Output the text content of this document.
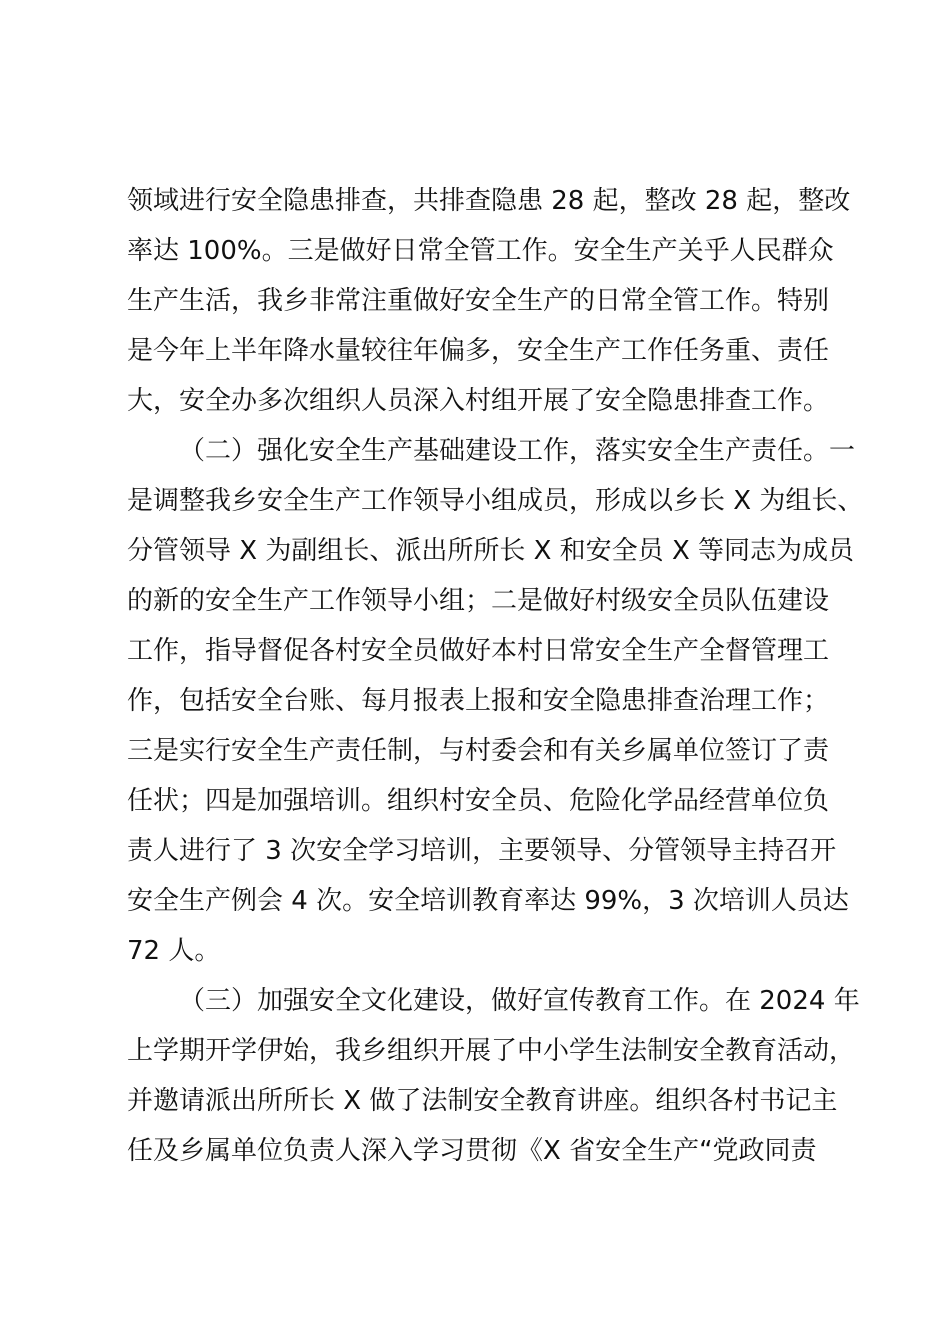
领域进行安全隐患排查，共排查隐患 28 起，整改 28 起，整改
率达 100%。三是做好日常全管工作。安全生产关乎人民群众
生产生活，我乡非常注重做好安全生产的日常全管工作。特别
是今年上半年降水量较往年偏多，安全生产工作任务重、责任
大，安全办多次组织人员深入村组开展了安全隐患排查工作。
（二）强化安全生产基础建设工作，落实安全生产责任。一
是调整我乡安全生产工作领导小组成员，形成以乡长 X 为组长、
分管领导 X 为副组长、派出所所长 X 和安全员 X 等同志为成员
的新的安全生产工作领导小组；二是做好村级安全员队伍建设
工作，指导督促各村安全员做好本村日常安全生产全督管理工
作，包括安全台账、每月报表上报和安全隐患排查治理工作；
三是实行安全生产责任制，与村委会和有关乡属单位签订了责
任状；四是加强培训。组织村安全员、危险化学品经营单位负
责人进行了 3 次安全学习培训，主要领导、分管领导主持召开
安全生产例会 4 次。安全培训教育率达 99%，3 次培训人员达
72 人。
（三）加强安全文化建设，做好宣传教育工作。在 2024 年
上学期开学伊始，我乡组织开展了中小学生法制安全教育活动，
并邀请派出所所长 X 做了法制安全教育讲座。组织各村书记主
任及乡属单位负责人深入学习贯彻《X 省安全生产“党政同责
